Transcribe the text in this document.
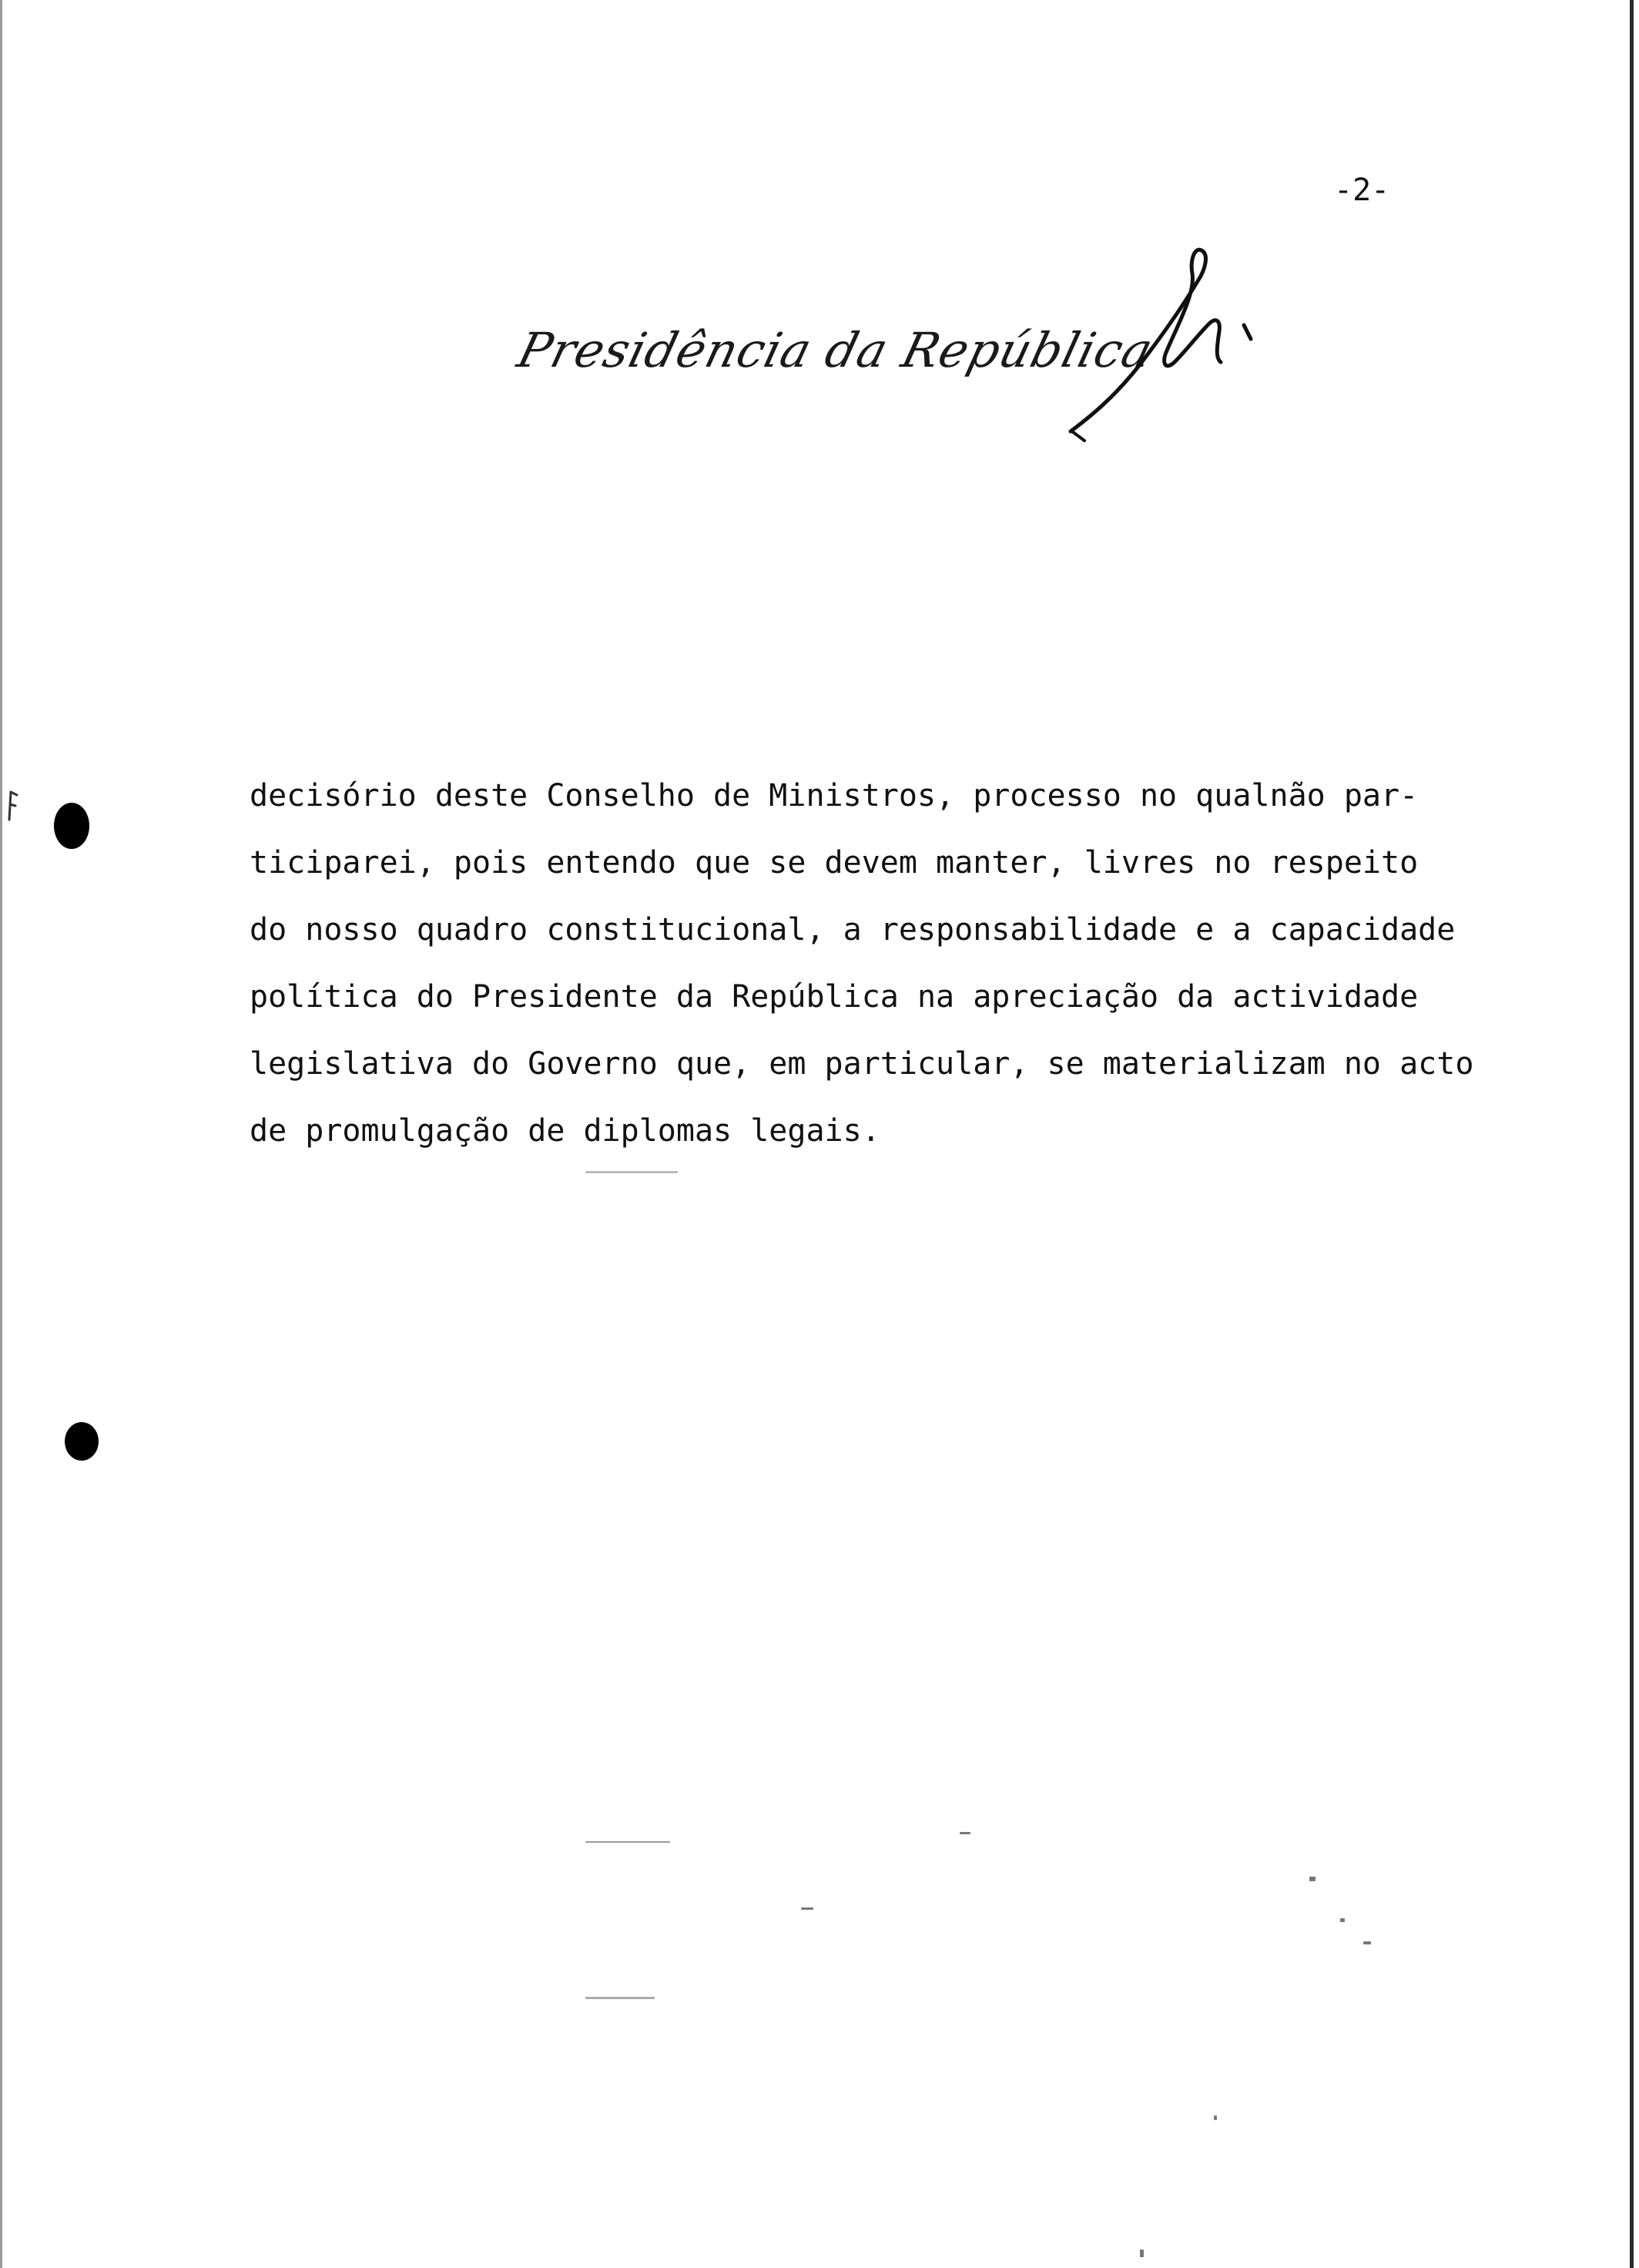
-2-
Presidência da República
decisório deste Conselho de Ministros, processo no qualnão par-
ticiparei, pois entendo que se devem manter, livres no respeito
do nosso quadro constitucional, a responsabilidade e a capacidade
política do Presidente da República na apreciação da actividade
legislativa do Governo que, em particular, se materializam no acto
de promulgação de diplomas legais.
